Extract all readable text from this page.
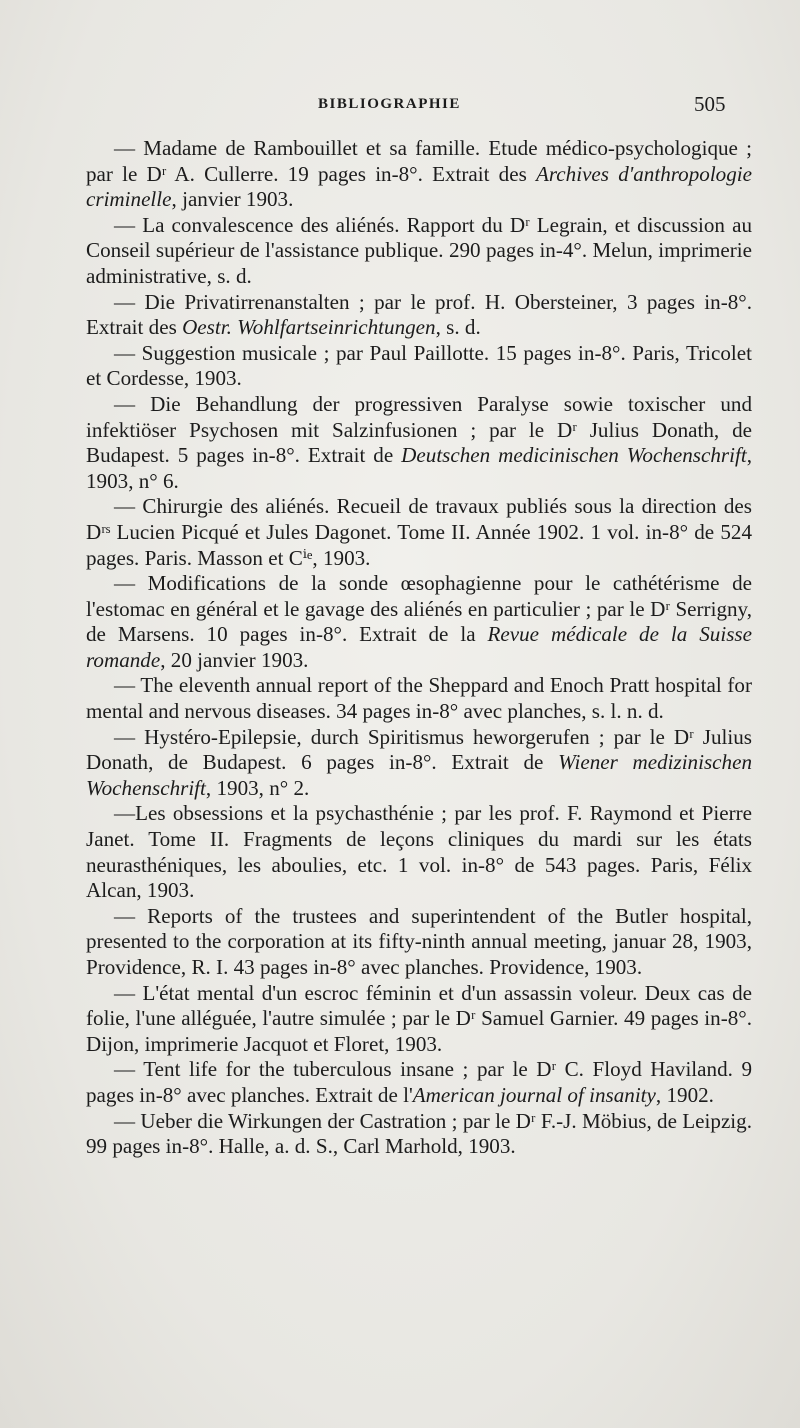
BIBLIOGRAPHIE	505

— Madame de Rambouillet et sa famille. Etude médico-psychologique ; par le Dʳ A. Cullerre. 19 pages in-8°. Extrait des Archives d'anthropologie criminelle, janvier 1903.

— La convalescence des aliénés. Rapport du Dʳ Legrain, et discussion au Conseil supérieur de l'assistance publique. 290 pages in-4°. Melun, imprimerie administrative, s. d.

— Die Privatirrenanstalten ; par le prof. H. Obersteiner, 3 pages in-8°. Extrait des Oestr. Wohlfartseinrichtungen, s. d.

— Suggestion musicale ; par Paul Paillotte. 15 pages in-8°. Paris, Tricolet et Cordesse, 1903.

— Die Behandlung der progressiven Paralyse sowie toxischer und infektiöser Psychosen mit Salzinfusionen ; par le Dʳ Julius Donath, de Budapest. 5 pages in-8°. Extrait de Deutschen medicinischen Wochenschrift, 1903, n° 6.

— Chirurgie des aliénés. Recueil de travaux publiés sous la direction des Dʳˢ Lucien Picqué et Jules Dagonet. Tome II. Année 1902. 1 vol. in-8° de 524 pages. Paris. Masson et Cⁱᵉ, 1903.

— Modifications de la sonde œsophagienne pour le cathétérisme de l'estomac en général et le gavage des aliénés en particulier ; par le Dʳ Serrigny, de Marsens. 10 pages in-8°. Extrait de la Revue médicale de la Suisse romande, 20 janvier 1903.

— The eleventh annual report of the Sheppard and Enoch Pratt hospital for mental and nervous diseases. 34 pages in-8° avec planches, s. l. n. d.

— Hystéro-Epilepsie, durch Spiritismus heworgerufen ; par le Dʳ Julius Donath, de Budapest. 6 pages in-8°. Extrait de Wiener medizinischen Wochenschrift, 1903, n° 2.

—Les obsessions et la psychasthénie ; par les prof. F. Raymond et Pierre Janet. Tome II. Fragments de leçons cliniques du mardi sur les états neurasthéniques, les aboulies, etc. 1 vol. in-8° de 543 pages. Paris, Félix Alcan, 1903.

— Reports of the trustees and superintendent of the Butler hospital, presented to the corporation at its fifty-ninth annual meeting, januar 28, 1903, Providence, R. I. 43 pages in-8° avec planches. Providence, 1903.

— L'état mental d'un escroc féminin et d'un assassin voleur. Deux cas de folie, l'une alléguée, l'autre simulée ; par le Dʳ Samuel Garnier. 49 pages in-8°. Dijon, imprimerie Jacquot et Floret, 1903.

— Tent life for the tuberculous insane ; par le Dʳ C. Floyd Haviland. 9 pages in-8° avec planches. Extrait de l'American journal of insanity, 1902.

— Ueber die Wirkungen der Castration ; par le Dʳ F.-J. Möbius, de Leipzig. 99 pages in-8°. Halle, a. d. S., Carl Marhold, 1903.
